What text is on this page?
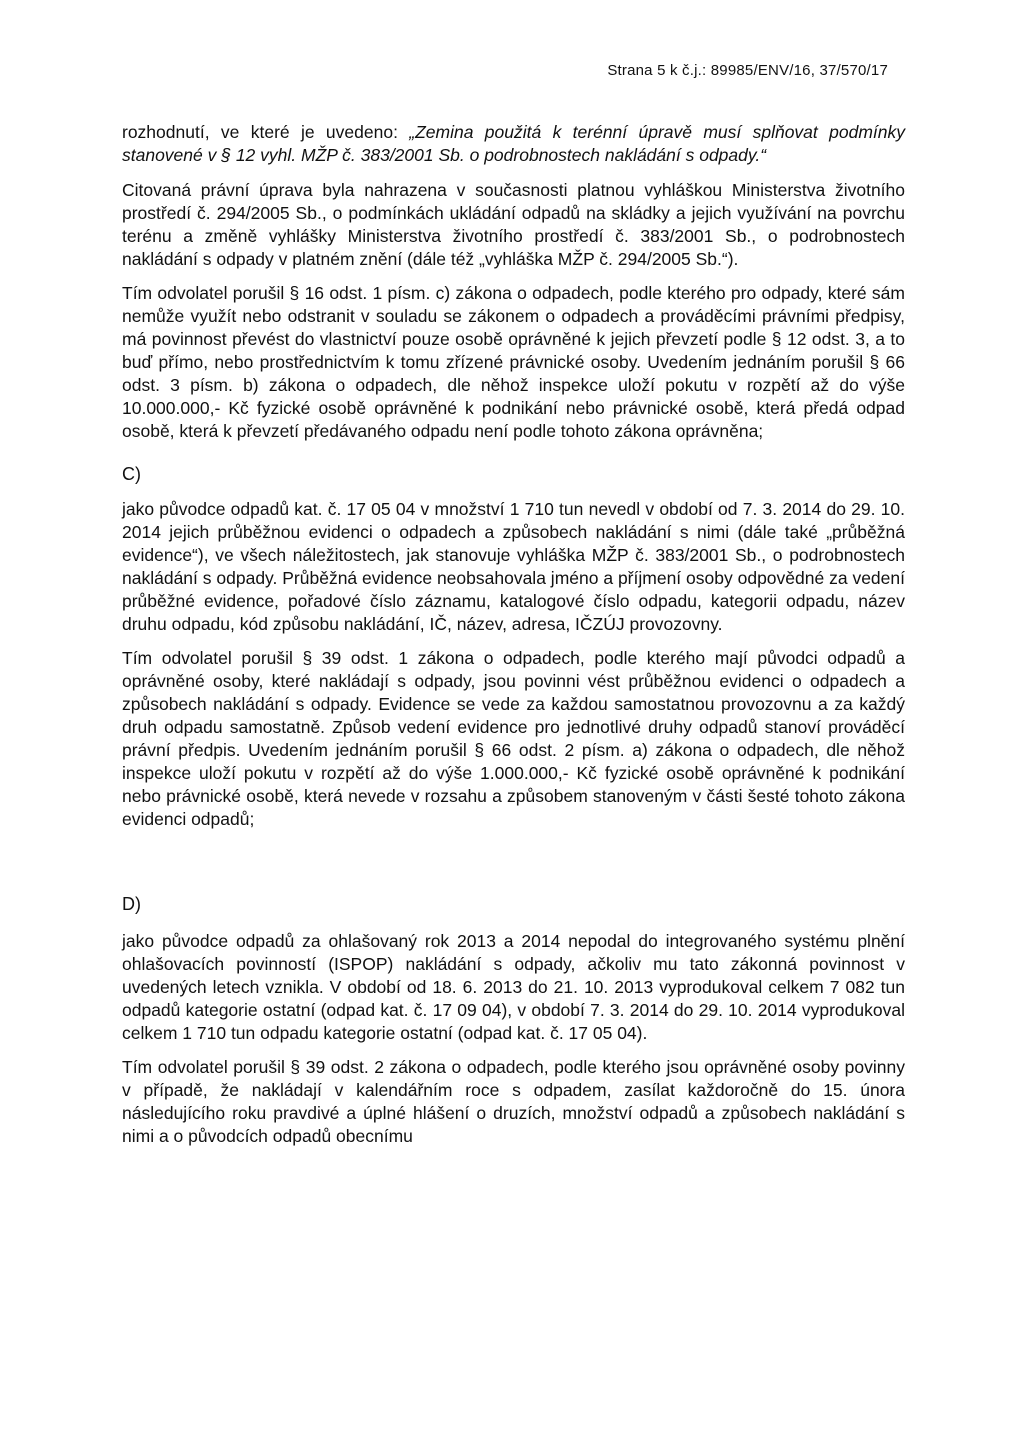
Strana 5 k č.j.: 89985/ENV/16, 37/570/17

rozhodnutí, ve které je uvedeno: „Zemina použitá k terénní úpravě musí splňovat podmínky stanovené v § 12 vyhl. MŽP č. 383/2001 Sb. o podrobnostech nakládání s odpady.“

Citovaná právní úprava byla nahrazena v současnosti platnou vyhláškou Ministerstva životního prostředí č. 294/2005 Sb., o podmínkách ukládání odpadů na skládky a jejich využívání na povrchu terénu a změně vyhlášky Ministerstva životního prostředí č. 383/2001 Sb., o podrobnostech nakládání s odpady v platném znění (dále též „vyhláška MŽP č. 294/2005 Sb.“).

Tím odvolatel porušil § 16 odst. 1 písm. c) zákona o odpadech, podle kterého pro odpady, které sám nemůže využít nebo odstranit v souladu se zákonem o odpadech a prováděcími právními předpisy, má povinnost převést do vlastnictví pouze osobě oprávněné k jejich převzetí podle § 12 odst. 3, a to buď přímo, nebo prostřednictvím k tomu zřízené právnické osoby. Uvedením jednáním porušil § 66 odst. 3 písm. b) zákona o odpadech, dle něhož inspekce uloží pokutu v rozpětí až do výše 10.000.000,- Kč fyzické osobě oprávněné k podnikání nebo právnické osobě, která předá odpad osobě, která k převzetí předávaného odpadu není podle tohoto zákona oprávněna;

C)

jako původce odpadů kat. č. 17 05 04 v množství 1 710 tun nevedl v období od 7. 3. 2014 do 29. 10. 2014 jejich průběžnou evidenci o odpadech a způsobech nakládání s nimi (dále také „průběžná evidence“), ve všech náležitostech, jak stanovuje vyhláška MŽP č. 383/2001 Sb., o podrobnostech nakládání s odpady. Průběžná evidence neobsahovala jméno a příjmení osoby odpovědné za vedení průběžné evidence, pořadové číslo záznamu, katalogové číslo odpadu, kategorii odpadu, název druhu odpadu, kód způsobu nakládání, IČ, název, adresa, IČZÚJ provozovny.

Tím odvolatel porušil § 39 odst. 1 zákona o odpadech, podle kterého mají původci odpadů a oprávněné osoby, které nakládají s odpady, jsou povinni vést průběžnou evidenci o odpadech a způsobech nakládání s odpady. Evidence se vede za každou samostatnou provozovnu a za každý druh odpadu samostatně. Způsob vedení evidence pro jednotlivé druhy odpadů stanoví prováděcí právní předpis. Uvedením jednáním porušil § 66 odst. 2 písm. a) zákona o odpadech, dle něhož inspekce uloží pokutu v rozpětí až do výše 1.000.000,- Kč fyzické osobě oprávněné k podnikání nebo právnické osobě, která nevede v rozsahu a způsobem stanoveným v části šesté tohoto zákona evidenci odpadů;

D)

jako původce odpadů za ohlašovaný rok 2013 a 2014 nepodal do integrovaného systému plnění ohlašovacích povinností (ISPOP) nakládání s odpady, ačkoliv mu tato zákonná povinnost v uvedených letech vznikla. V období od 18. 6. 2013 do 21. 10. 2013 vyprodukoval celkem 7 082 tun odpadů kategorie ostatní (odpad kat. č. 17 09 04), v období 7. 3. 2014 do 29. 10. 2014 vyprodukoval celkem 1 710 tun odpadu kategorie ostatní (odpad kat. č. 17 05 04).

Tím odvolatel porušil § 39 odst. 2 zákona o odpadech, podle kterého jsou oprávněné osoby povinny v případě, že nakládají v kalendářním roce s odpadem, zasílat každoročně do 15. února následujícího roku pravdivé a úplné hlášení o druzích, množství odpadů a způsobech nakládání s nimi a o původcích odpadů obecnímu
